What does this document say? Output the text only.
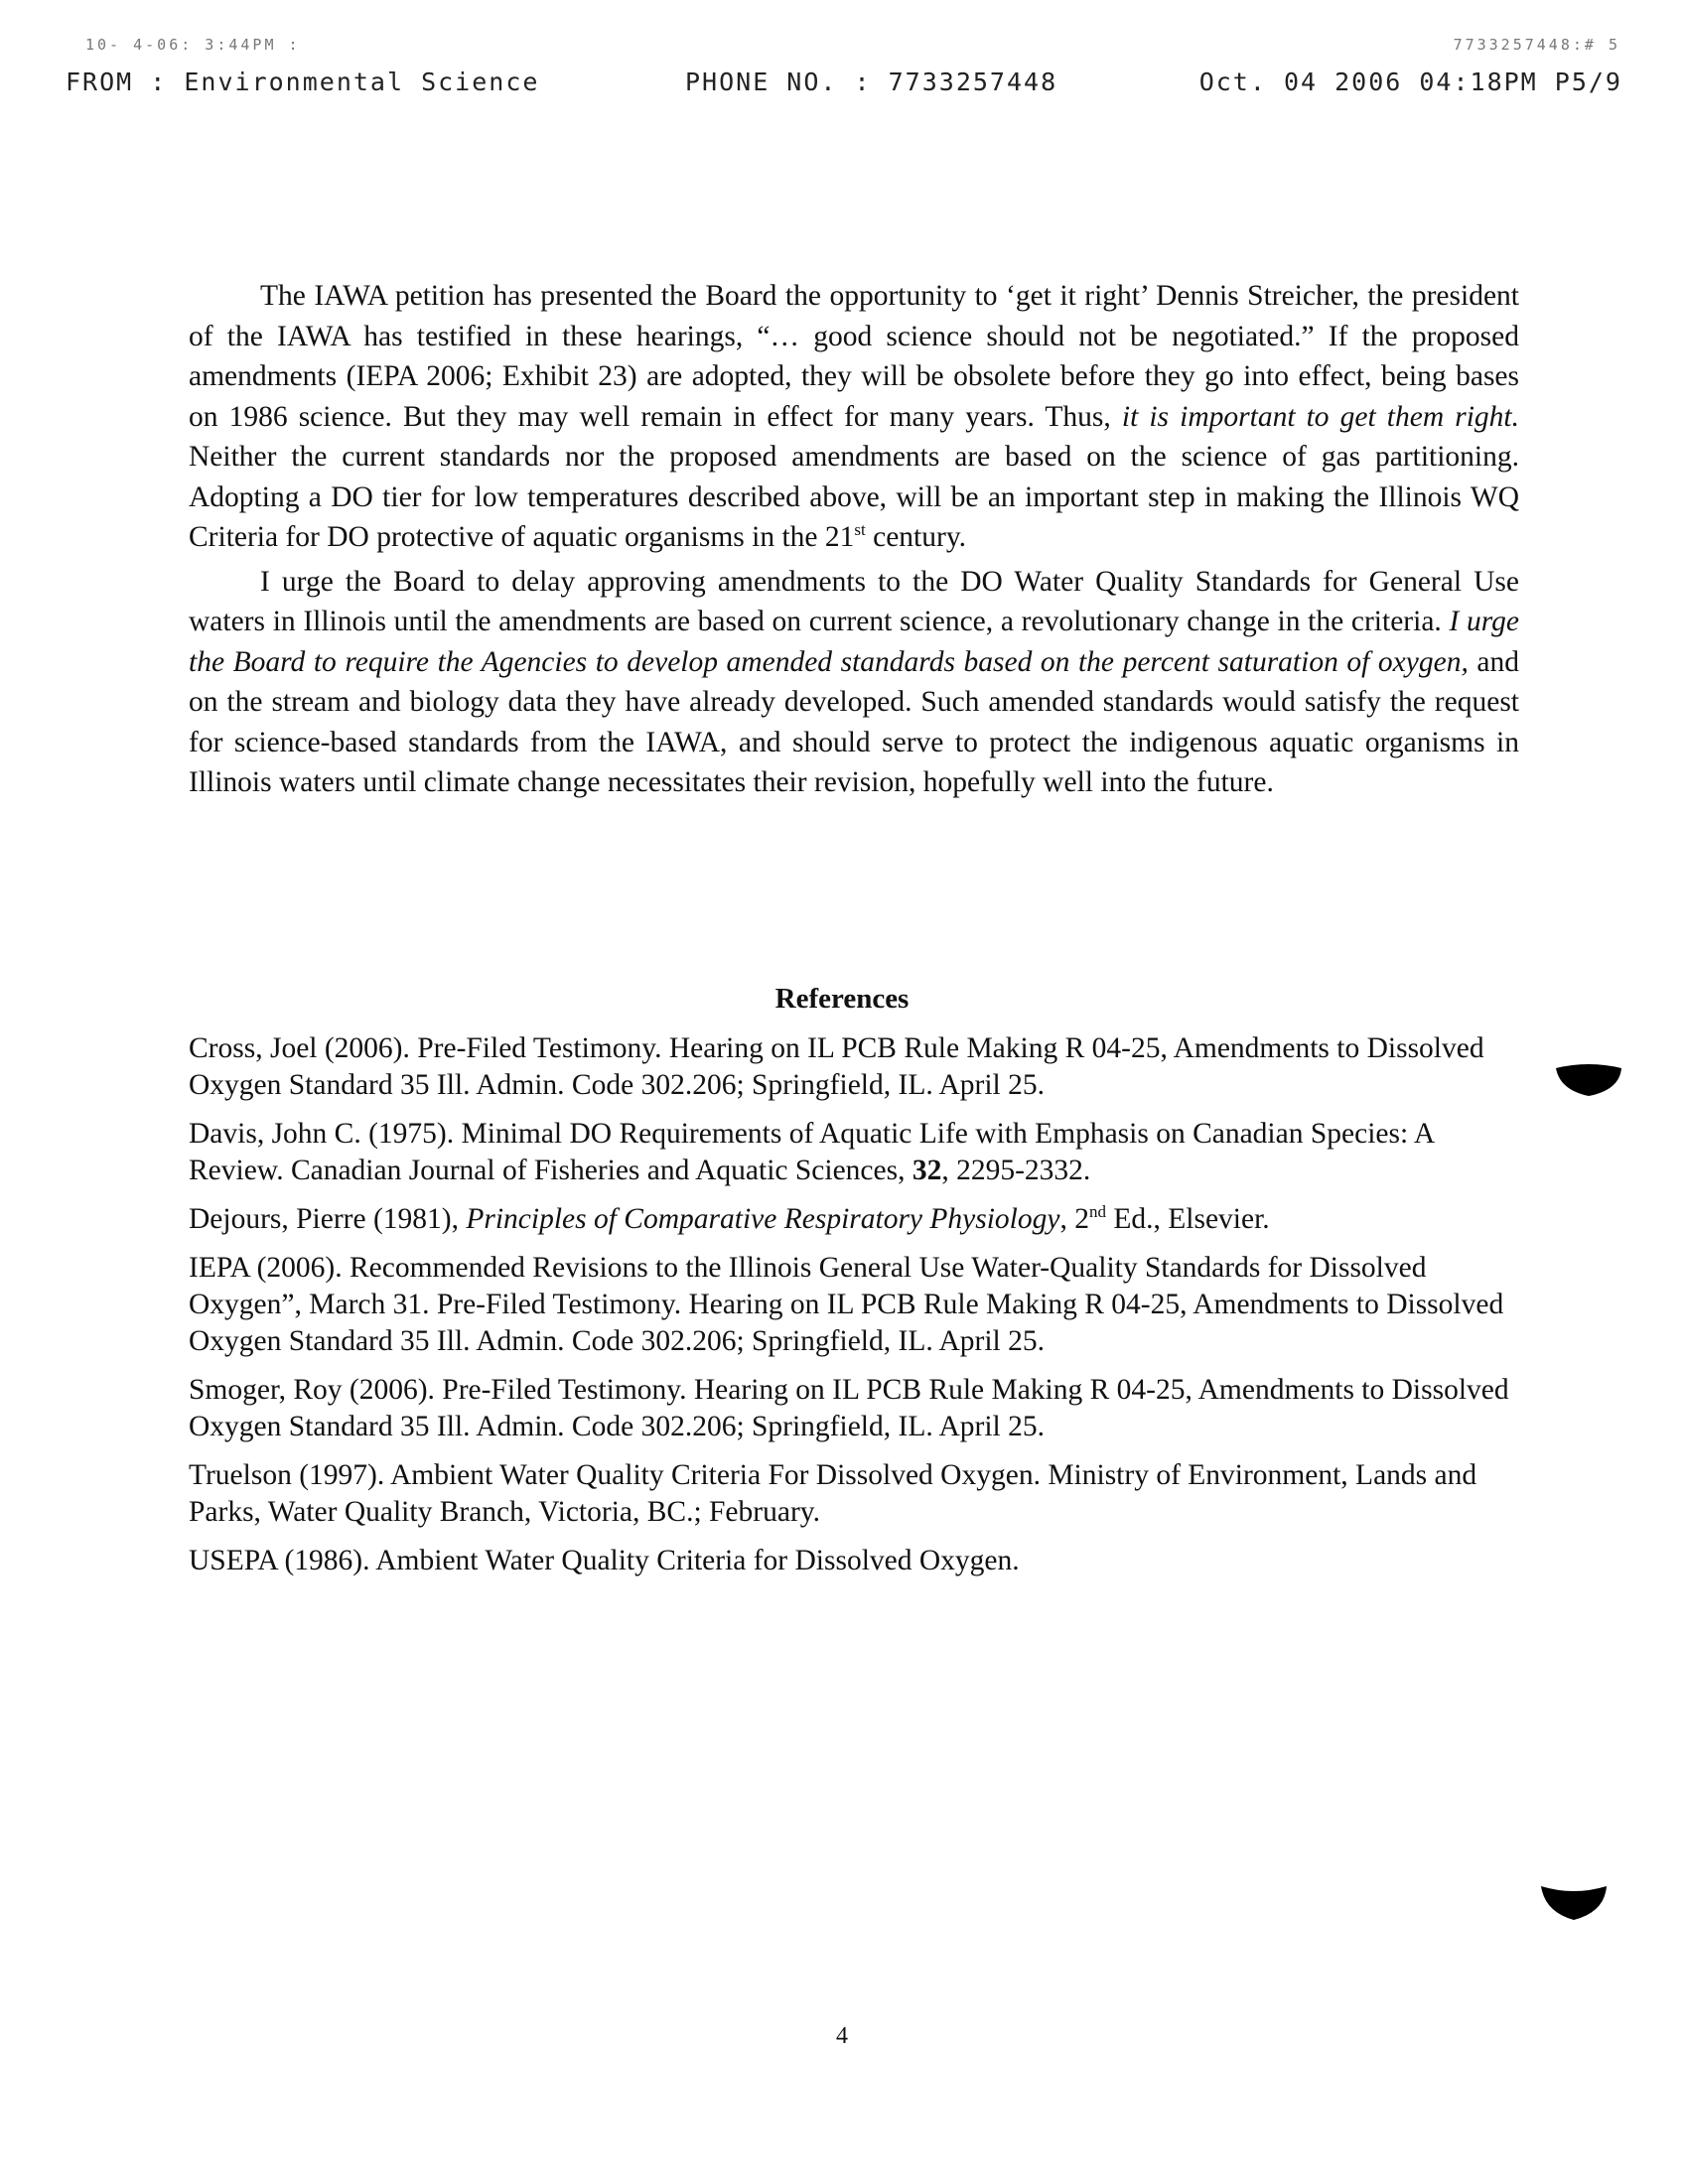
10- 4-06: 3:44PM :	7733257448:# 5
FROM : Environmental Science	PHONE NO. : 7733257448	Oct. 04 2006 04:18PM P5/9

The IAWA petition has presented the Board the opportunity to ‘get it right’ Dennis Streicher, the president of the IAWA has testified in these hearings, “… good science should not be negotiated.” If the proposed amendments (IEPA 2006; Exhibit 23) are adopted, they will be obsolete before they go into effect, being bases on 1986 science. But they may well remain in effect for many years. Thus, it is important to get them right. Neither the current standards nor the proposed amendments are based on the science of gas partitioning. Adopting a DO tier for low temperatures described above, will be an important step in making the Illinois WQ Criteria for DO protective of aquatic organisms in the 21st century.

I urge the Board to delay approving amendments to the DO Water Quality Standards for General Use waters in Illinois until the amendments are based on current science, a revolutionary change in the criteria. I urge the Board to require the Agencies to develop amended standards based on the percent saturation of oxygen, and on the stream and biology data they have already developed. Such amended standards would satisfy the request for science-based standards from the IAWA, and should serve to protect the indigenous aquatic organisms in Illinois waters until climate change necessitates their revision, hopefully well into the future.

References

Cross, Joel (2006). Pre-Filed Testimony. Hearing on IL PCB Rule Making R 04-25, Amendments to Dissolved Oxygen Standard 35 Ill. Admin. Code 302.206; Springfield, IL. April 25.

Davis, John C. (1975). Minimal DO Requirements of Aquatic Life with Emphasis on Canadian Species: A Review. Canadian Journal of Fisheries and Aquatic Sciences, 32, 2295-2332.

Dejours, Pierre (1981), Principles of Comparative Respiratory Physiology, 2nd Ed., Elsevier.

IEPA (2006). Recommended Revisions to the Illinois General Use Water-Quality Standards for Dissolved Oxygen”, March 31. Pre-Filed Testimony. Hearing on IL PCB Rule Making R 04-25, Amendments to Dissolved Oxygen Standard 35 Ill. Admin. Code 302.206; Springfield, IL. April 25.

Smoger, Roy (2006). Pre-Filed Testimony. Hearing on IL PCB Rule Making R 04-25, Amendments to Dissolved Oxygen Standard 35 Ill. Admin. Code 302.206; Springfield, IL. April 25.

Truelson (1997). Ambient Water Quality Criteria For Dissolved Oxygen. Ministry of Environment, Lands and Parks, Water Quality Branch, Victoria, BC.; February.

USEPA (1986). Ambient Water Quality Criteria for Dissolved Oxygen.

4
